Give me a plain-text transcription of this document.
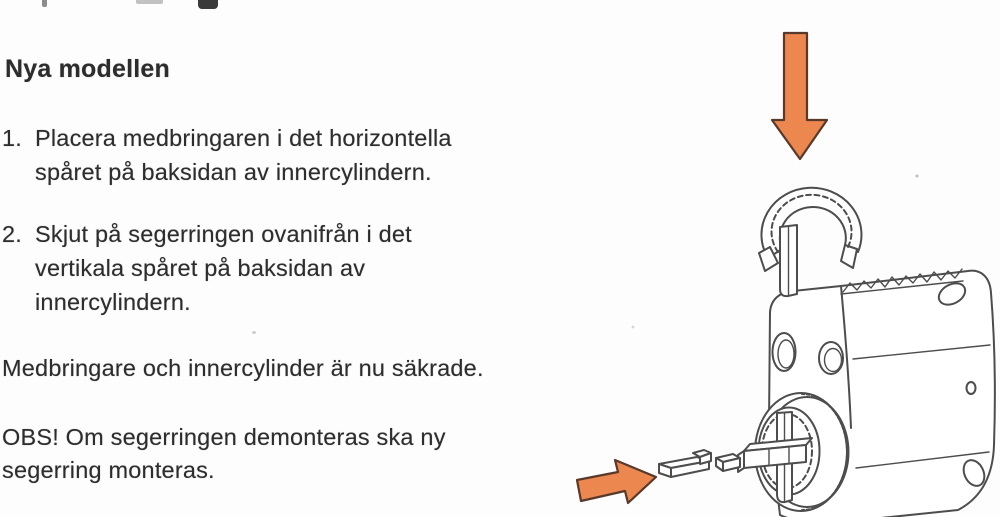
Nya modellen
1. Placera medbringaren i det horizontella
spåret på baksidan av innercylindern.
2. Skjut på segerringen ovanifrån i det
vertikala spåret på baksidan av
innercylindern.
Medbringare och innercylinder är nu säkrade.
OBS! Om segerringen demonteras ska ny
segerring monteras.
